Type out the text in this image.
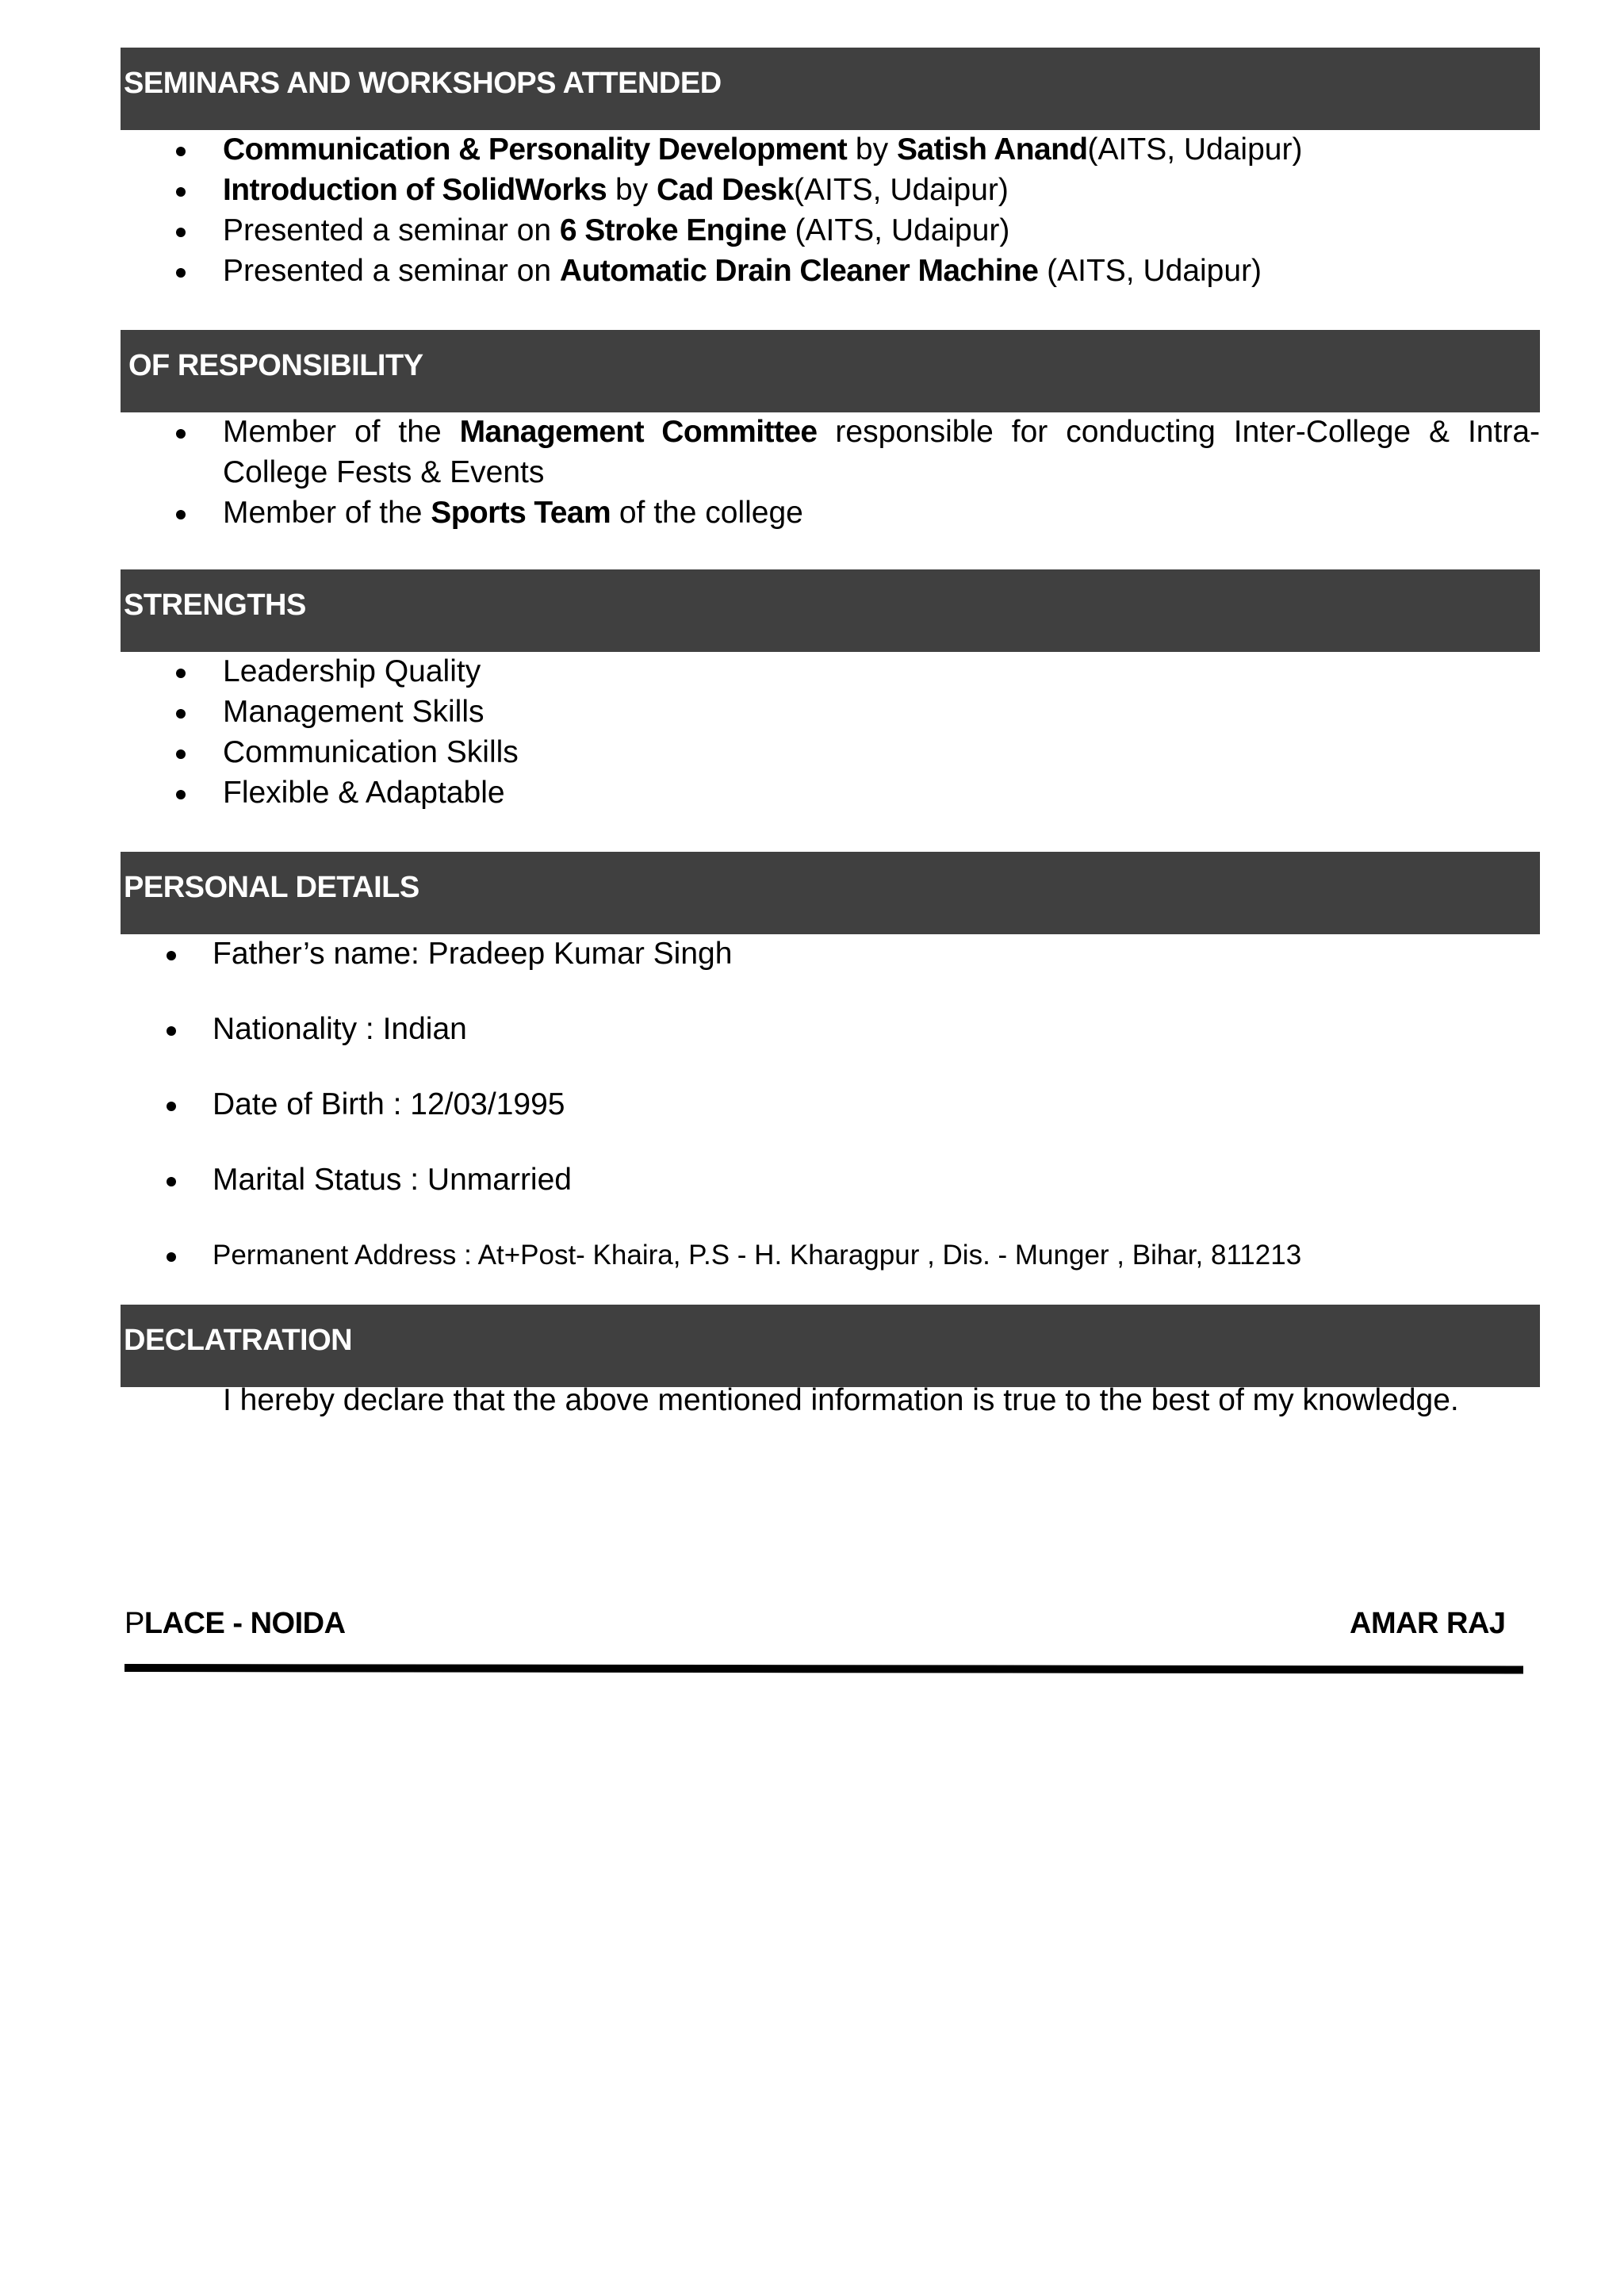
SEMINARS AND WORKSHOPS ATTENDED
Communication & Personality Development by Satish Anand(AITS, Udaipur)
Introduction of SolidWorks by Cad Desk(AITS, Udaipur)
Presented a seminar on 6 Stroke Engine (AITS, Udaipur)
Presented a seminar on Automatic Drain Cleaner Machine (AITS, Udaipur)
OF RESPONSIBILITY
Member of the Management Committee responsible for conducting Inter-College & Intra-College Fests & Events
Member of the Sports Team of the college
STRENGTHS
Leadership Quality
Management Skills
Communication Skills
Flexible & Adaptable
PERSONAL DETAILS
Father’s name: Pradeep Kumar Singh
Nationality : Indian
Date of Birth : 12/03/1995
Marital Status : Unmarried
Permanent Address : At+Post- Khaira, P.S - H. Kharagpur , Dis. - Munger , Bihar, 811213
DECLATRATION
I hereby declare that the above mentioned information is true to the best of my knowledge.
PLACE - NOIDA	AMAR RAJ
